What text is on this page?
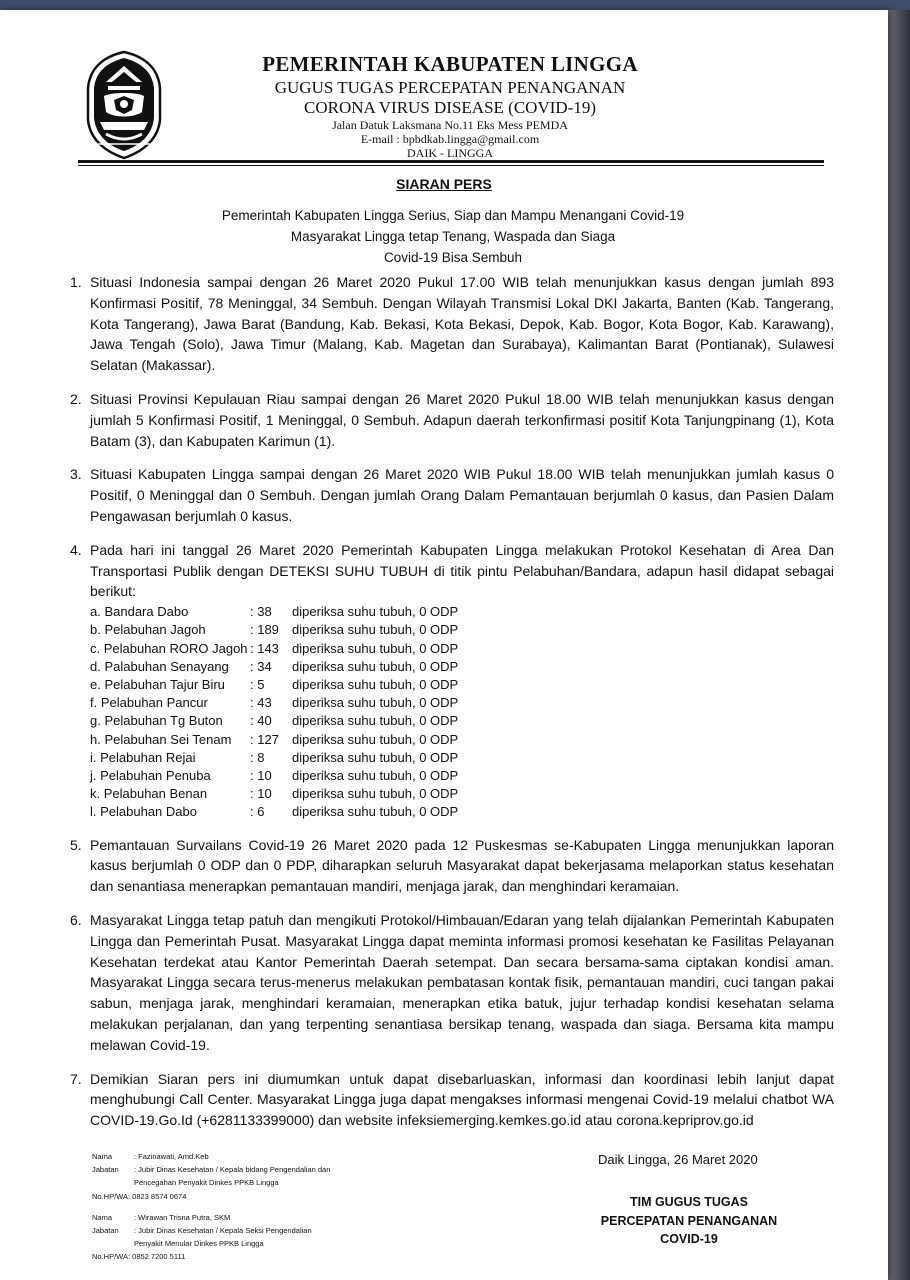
PEMERINTAH KABUPATEN LINGGA
GUGUS TUGAS PERCEPATAN PENANGANAN
CORONA VIRUS DISEASE (COVID-19)
Jalan Datuk Laksmana No.11 Eks Mess PEMDA
E-mail : bpbdkab.lingga@gmail.com
DAIK - LINGGA
SIARAN PERS
Pemerintah Kabupaten Lingga Serius, Siap dan Mampu Menangani Covid-19
Masyarakat Lingga tetap Tenang, Waspada dan Siaga
Covid-19 Bisa Sembuh
1. Situasi Indonesia sampai dengan 26 Maret 2020 Pukul 17.00 WIB telah menunjukkan kasus dengan jumlah 893 Konfirmasi Positif, 78 Meninggal, 34 Sembuh. Dengan Wilayah Transmisi Lokal DKI Jakarta, Banten (Kab. Tangerang, Kota Tangerang), Jawa Barat (Bandung, Kab. Bekasi, Kota Bekasi, Depok, Kab. Bogor, Kota Bogor, Kab. Karawang), Jawa Tengah (Solo), Jawa Timur (Malang, Kab. Magetan dan Surabaya), Kalimantan Barat (Pontianak), Sulawesi Selatan (Makassar).
2. Situasi Provinsi Kepulauan Riau sampai dengan 26 Maret 2020 Pukul 18.00 WIB telah menunjukkan kasus dengan jumlah 5 Konfirmasi Positif, 1 Meninggal, 0 Sembuh. Adapun daerah terkonfirmasi positif Kota Tanjungpinang (1), Kota Batam (3), dan Kabupaten Karimun (1).
3. Situasi Kabupaten Lingga sampai dengan 26 Maret 2020 WIB Pukul 18.00 WIB telah menunjukkan jumlah kasus 0 Positif, 0 Meninggal dan 0 Sembuh. Dengan jumlah Orang Dalam Pemantauan berjumlah 0 kasus, dan Pasien Dalam Pengawasan berjumlah 0 kasus.
4. Pada hari ini tanggal 26 Maret 2020 Pemerintah Kabupaten Lingga melakukan Protokol Kesehatan di Area Dan Transportasi Publik dengan DETEKSI SUHU TUBUH di titik pintu Pelabuhan/Bandara, adapun hasil didapat sebagai berikut:
a. Bandara Dabo	: 38	diperiksa suhu tubuh, 0 ODP
b. Pelabuhan Jagoh	: 189	diperiksa suhu tubuh, 0 ODP
c. Pelabuhan RORO Jagoh : 143	diperiksa suhu tubuh, 0 ODP
d. Palabuhan Senayang	: 34	diperiksa suhu tubuh, 0 ODP
e. Pelabuhan Tajur Biru	: 5	diperiksa suhu tubuh, 0 ODP
f. Pelabuhan Pancur	: 43	diperiksa suhu tubuh, 0 ODP
g. Pelabuhan Tg Buton	: 40	diperiksa suhu tubuh, 0 ODP
h. Pelabuhan Sei Tenam	: 127	diperiksa suhu tubuh, 0 ODP
i. Pelabuhan Rejai	: 8	diperiksa suhu tubuh, 0 ODP
j. Pelabuhan Penuba	: 10	diperiksa suhu tubuh, 0 ODP
k. Pelabuhan Benan	: 10	diperiksa suhu tubuh, 0 ODP
l. Pelabuhan Dabo	: 6	diperiksa suhu tubuh, 0 ODP
5. Pemantauan Survailans Covid-19 26 Maret 2020 pada 12 Puskesmas se-Kabupaten Lingga menunjukkan laporan kasus berjumlah 0 ODP dan 0 PDP, diharapkan seluruh Masyarakat dapat bekerjasama melaporkan status kesehatan dan senantiasa menerapkan pemantauan mandiri, menjaga jarak, dan menghindari keramaian.
6. Masyarakat Lingga tetap patuh dan mengikuti Protokol/Himbauan/Edaran yang telah dijalankan Pemerintah Kabupaten Lingga dan Pemerintah Pusat. Masyarakat Lingga dapat meminta informasi promosi kesehatan ke Fasilitas Pelayanan Kesehatan terdekat atau Kantor Pemerintah Daerah setempat. Dan secara bersama-sama ciptakan kondisi aman. Masyarakat Lingga secara terus-menerus melakukan pembatasan kontak fisik, pemantauan mandiri, cuci tangan pakai sabun, menjaga jarak, menghindari keramaian, menerapkan etika batuk, jujur terhadap kondisi kesehatan selama melakukan perjalanan, dan yang terpenting senantiasa bersikap tenang, waspada dan siaga. Bersama kita mampu melawan Covid-19.
7. Demikian Siaran pers ini diumumkan untuk dapat disebarluaskan, informasi dan koordinasi lebih lanjut dapat menghubungi Call Center. Masyarakat Lingga juga dapat mengakses informasi mengenai Covid-19 melalui chatbot WA COVID-19.Go.Id (+6281133399000) dan website infeksiemerging.kemkes.go.id atau corona.kepriprov.go.id
Nama	: Fazinawati, Amd.Keb
Jabatan	: Jubir Dinas Kesehatan / Kepala bidang Pengendalian dan
Pencegahan Penyakit Dinkes PPKB Lingga
No.HP/WA: 0823 8574 0674
Nama	: Wirawan Trisna Putra, SKM
Jabatan	: Jubir Dinas Kesehatan / Kepala Seksi Pengendalian
Penyakit Menular Dinkes PPKB Lingga
No.HP/WA: 0852 7200 5111
Daik Lingga, 26 Maret 2020
TIM GUGUS TUGAS
PERCEPATAN PENANGANAN
COVID-19
